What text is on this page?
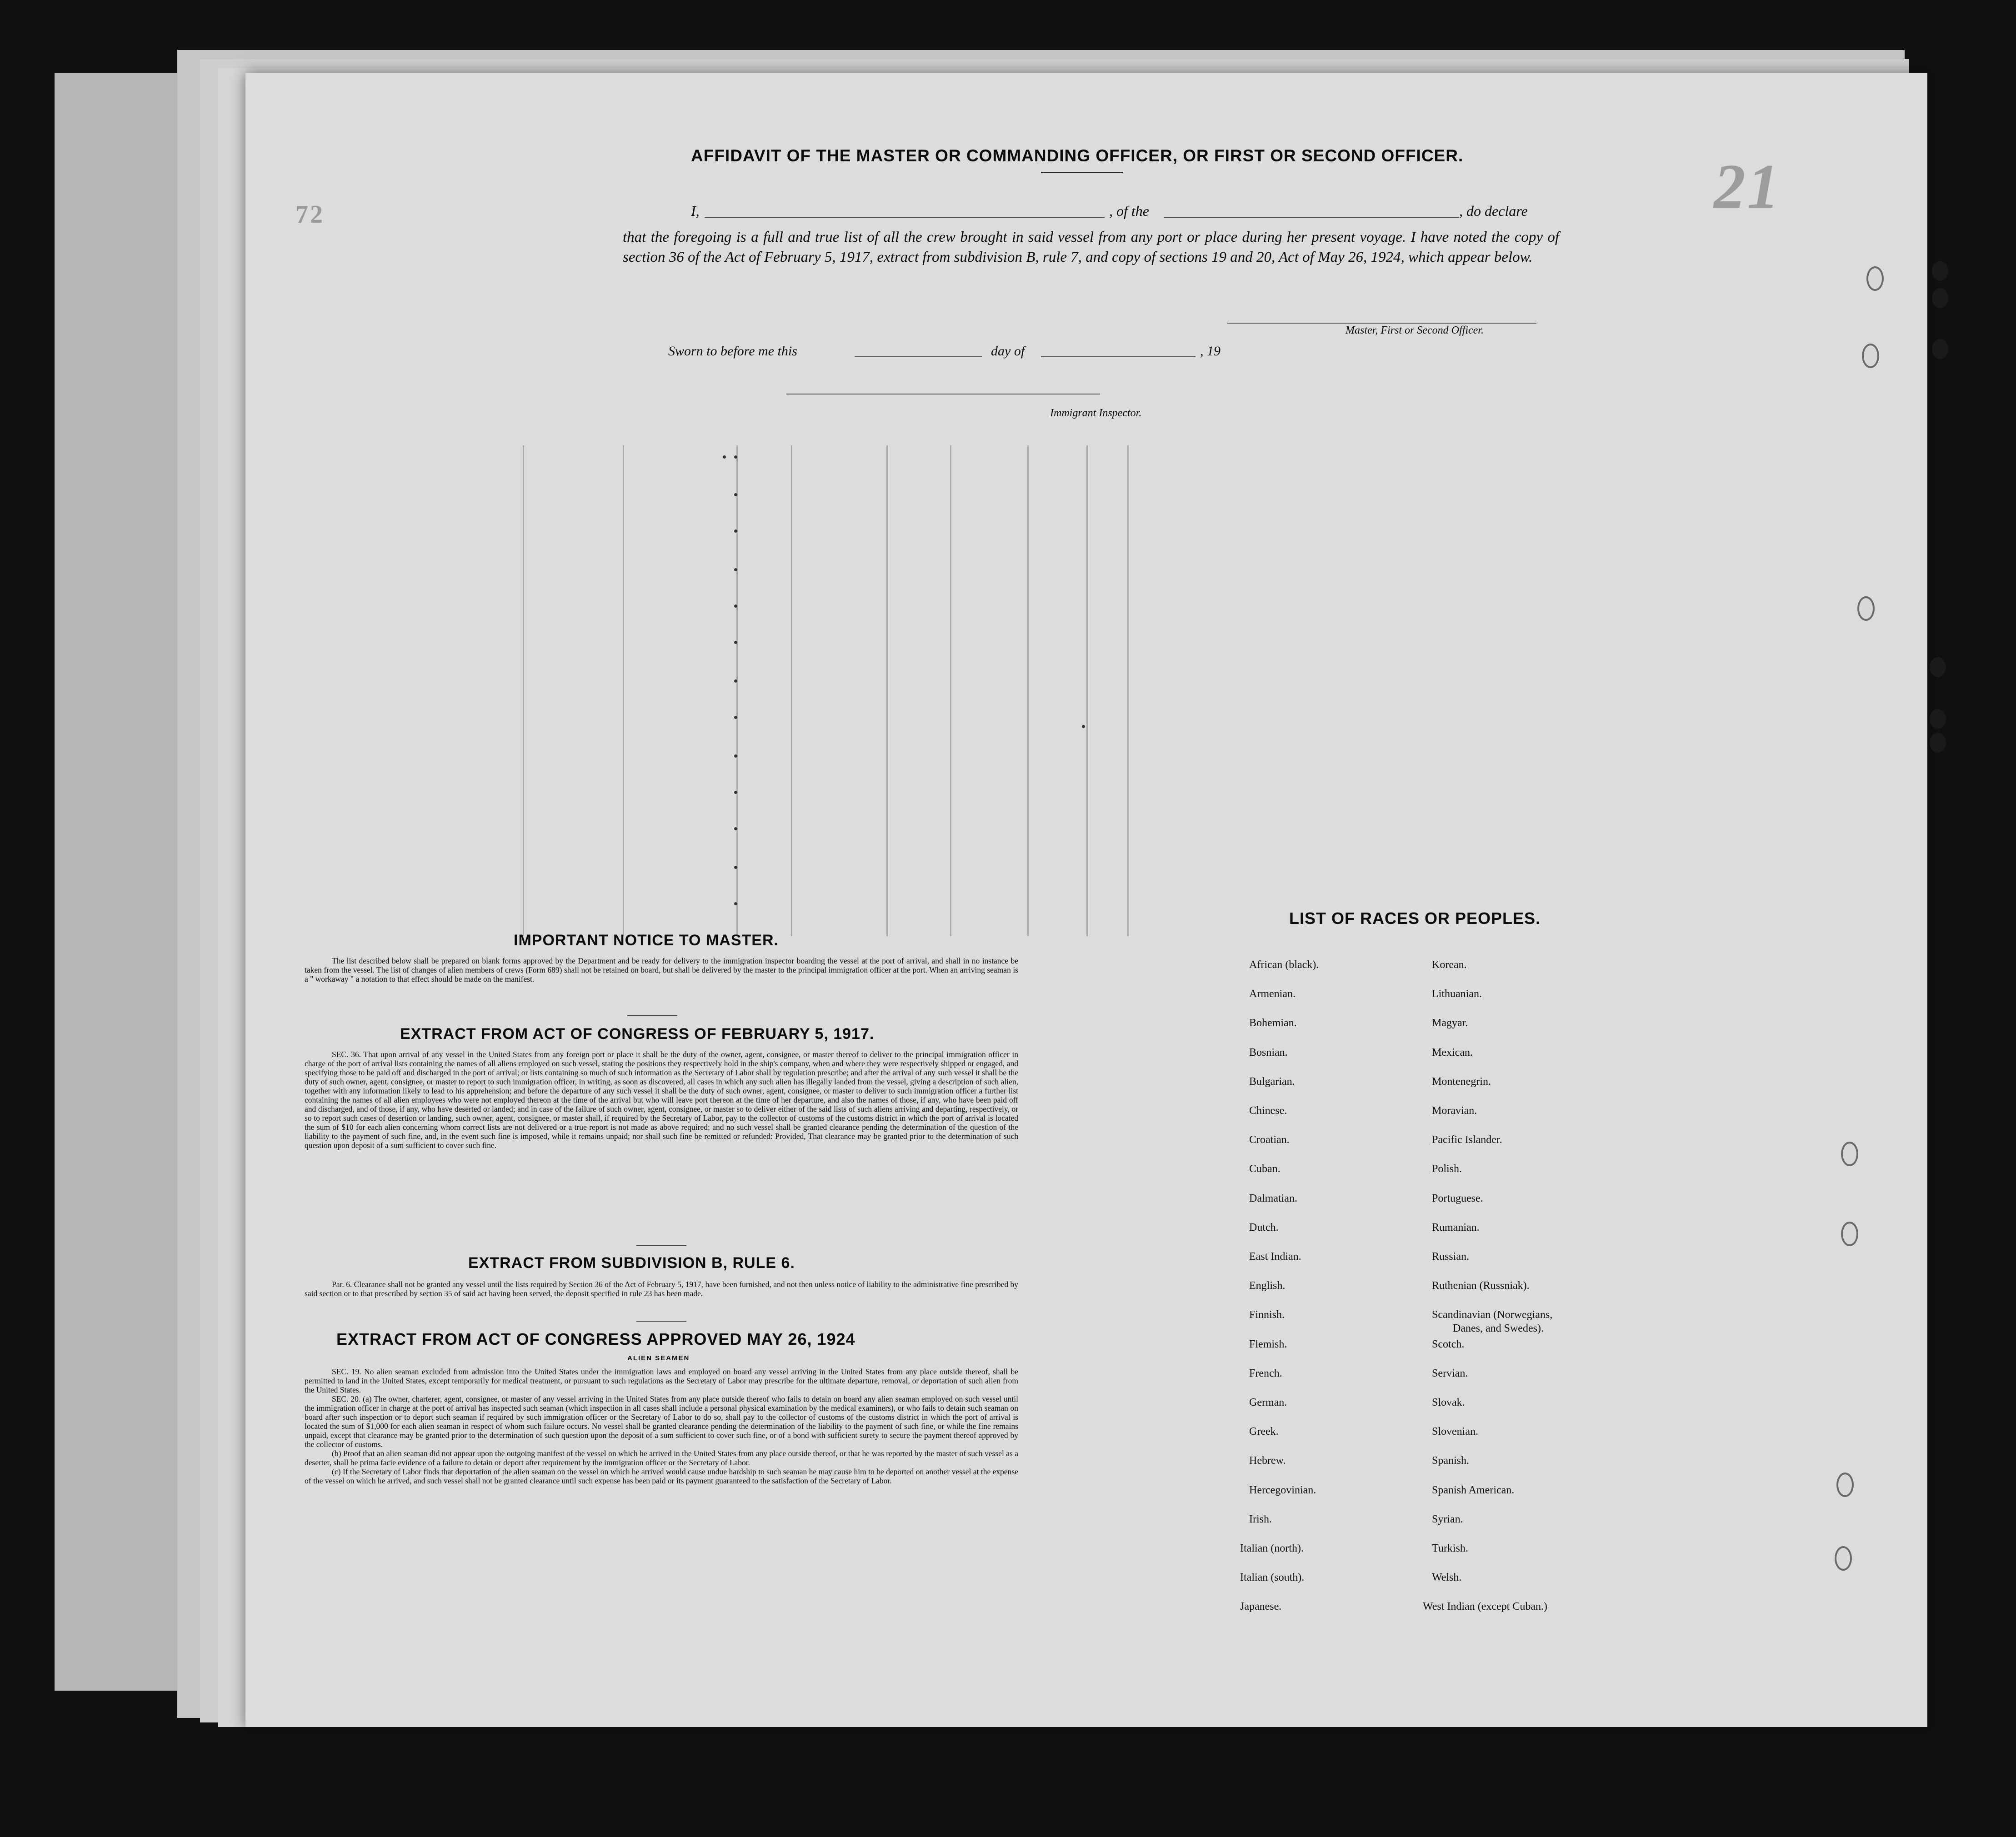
21
72
AFFIDAVIT OF THE MASTER OR COMMANDING OFFICER, OR FIRST OR SECOND OFFICER.
I,	, of the	, do declare
that the foregoing is a full and true list of all the crew brought in said vessel from any port or place during her present voyage. I have noted the copy of section 36 of the Act of February 5, 1917, extract from subdivision B, rule 7, and copy of sections 19 and 20, Act of May 26, 1924, which appear below.
Master, First or Second Officer.
Sworn to before me this	day of	, 19
Immigrant Inspector.
IMPORTANT NOTICE TO MASTER.
The list described below shall be prepared on blank forms approved by the Department and be ready for delivery to the immigration inspector boarding the vessel at the port of arrival, and shall in no instance be taken from the vessel. The list of changes of alien members of crews (Form 689) shall not be retained on board, but shall be delivered by the master to the principal immigration officer at the port. When an arriving seaman is a " workaway " a notation to that effect should be made on the manifest.
EXTRACT FROM ACT OF CONGRESS OF FEBRUARY 5, 1917.

SEC. 36. That upon arrival of any vessel in the United States from any foreign port or place it shall be the duty of the owner, agent, consignee, or master thereof to deliver to the principal immigration officer in charge of the port of arrival lists containing the names of all aliens employed on such vessel, stating the positions they respectively hold in the ship's company, when and where they were respectively shipped or engaged, and specifying those to be paid off and discharged in the port of arrival; or lists containing so much of such information as the Secretary of Labor shall by regulation prescribe; and after the arrival of any such vessel it shall be the duty of such owner, agent, consignee, or master to report to such immigration officer, in writing, as soon as discovered, all cases in which any such alien has illegally landed from the vessel, giving a description of such alien, together with any information likely to lead to his apprehension; and before the departure of any such vessel it shall be the duty of such owner, agent, consignee, or master to deliver to such immigration officer a further list containing the names of all alien employees who were not employed thereon at the time of the arrival but who will leave port thereon at the time of her departure, and also the names of those, if any, who have been paid off and discharged, and of those, if any, who have deserted or landed; and in case of the failure of such owner, agent, consignee, or master so to deliver either of the said lists of such aliens arriving and departing, respectively, or so to report such cases of desertion or landing, such owner, agent, consignee, or master shall, if required by the Secretary of Labor, pay to the collector of customs of the customs district in which the port of arrival is located the sum of $10 for each alien concerning whom correct lists are not delivered or a true report is not made as above required; and no such vessel shall be granted clearance pending the determination of the question of the liability to the payment of such fine, and, in the event such fine is imposed, while it remains unpaid; nor shall such fine be remitted or refunded: Provided, That clearance may be granted prior to the determination of such question upon deposit of a sum sufficient to cover such fine.

EXTRACT FROM SUBDIVISION B, RULE 6.

Par. 6. Clearance shall not be granted any vessel until the lists required by Section 36 of the Act of February 5, 1917, have been furnished, and not then unless notice of liability to the administrative fine prescribed by said section or to that prescribed by section 35 of said act having been served, the deposit specified in rule 23 has been made.

EXTRACT FROM ACT OF CONGRESS APPROVED MAY 26, 1924
ALIEN SEAMEN

SEC. 19. No alien seaman excluded from admission into the United States under the immigration laws and employed on board any vessel arriving in the United States from any place outside thereof, shall be permitted to land in the United States, except temporarily for medical treatment, or pursuant to such regulations as the Secretary of Labor may prescribe for the ultimate departure, removal, or deportation of such alien from the United States.

SEC. 20. (a) The owner, charterer, agent, consignee, or master of any vessel arriving in the United States from any place outside thereof who fails to detain on board any alien seaman employed on such vessel until the immigration officer in charge at the port of arrival has inspected such seaman (which inspection in all cases shall include a personal physical examination by the medical examiners), or who fails to detain such seaman on board after such inspection or to deport such seaman if required by such immigration officer or the Secretary of Labor to do so, shall pay to the collector of customs of the customs district in which the port of arrival is located the sum of $1,000 for each alien seaman in respect of whom such failure occurs. No vessel shall be granted clearance pending the determination of the liability to the payment of such fine, or while the fine remains unpaid, except that clearance may be granted prior to the determination of such question upon the deposit of a sum sufficient to cover such fine, or of a bond with sufficient surety to secure the payment thereof approved by the collector of customs.

(b) Proof that an alien seaman did not appear upon the outgoing manifest of the vessel on which he arrived in the United States from any place outside thereof, or that he was reported by the master of such vessel as a deserter, shall be prima facie evidence of a failure to detain or deport after requirement by the immigration officer or the Secretary of Labor.

(c) If the Secretary of Labor finds that deportation of the alien seaman on the vessel on which he arrived would cause undue hardship to such seaman he may cause him to be deported on another vessel at the expense of the vessel on which he arrived, and such vessel shall not be granted clearance until such expense has been paid or its payment guaranteed to the satisfaction of the Secretary of Labor.

LIST OF RACES OR PEOPLES.
African (black).
Armenian.
Bohemian.
Bosnian.
Bulgarian.
Chinese.
Croatian.
Cuban.
Dalmatian.
Dutch.
East Indian.
English.
Finnish.
Flemish.
French.
German.
Greek.
Hebrew.
Hercegovinian.
Irish.
Italian (north).
Italian (south).
Japanese.
Korean.
Lithuanian.
Magyar.
Mexican.
Montenegrin.
Moravian.
Pacific Islander.
Polish.
Portuguese.
Rumanian.
Russian.
Ruthenian (Russniak).
Scandinavian (Norwegians,
Danes, and Swedes).
Scotch.
Servian.
Slovak.
Slovenian.
Spanish.
Spanish American.
Syrian.
Turkish.
Welsh.
West Indian (except Cuban.)
